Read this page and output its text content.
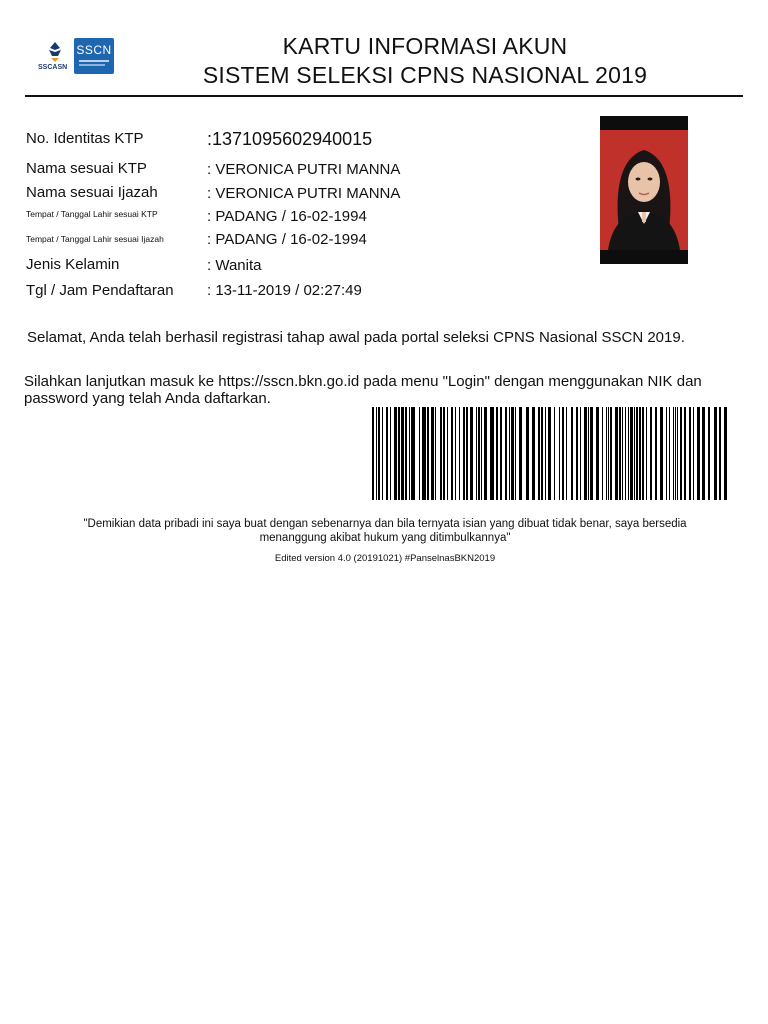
SSCASN
SSCN	KARTU INFORMASI AKUN
SISTEM SELEKSI CPNS NASIONAL 2019
No. Identitas KTP	:1371095602940015
Nama sesuai KTP	: VERONICA PUTRI MANNA
Nama sesuai Ijazah	: VERONICA PUTRI MANNA
Tempat / Tanggal Lahir sesuai KTP	: PADANG / 16-02-1994
Tempat / Tanggal Lahir sesuai Ijazah	: PADANG / 16-02-1994
Jenis Kelamin	: Wanita
Tgl / Jam Pendaftaran : 13-11-2019 / 02:27:49
Selamat, Anda telah berhasil registrasi tahap awal pada portal seleksi CPNS Nasional SSCN 2019.
Silahkan lanjutkan masuk ke https://sscn.bkn.go.id pada menu "Login" dengan menggunakan NIK dan
password yang telah Anda daftarkan.
"Demikian data pribadi ini saya buat dengan sebenarnya dan bila ternyata isian yang dibuat tidak benar, saya bersedia
menanggung akibat hukum yang ditimbulkannya"
Edited version 4.0 (20191021) #PanselnasBKN2019
